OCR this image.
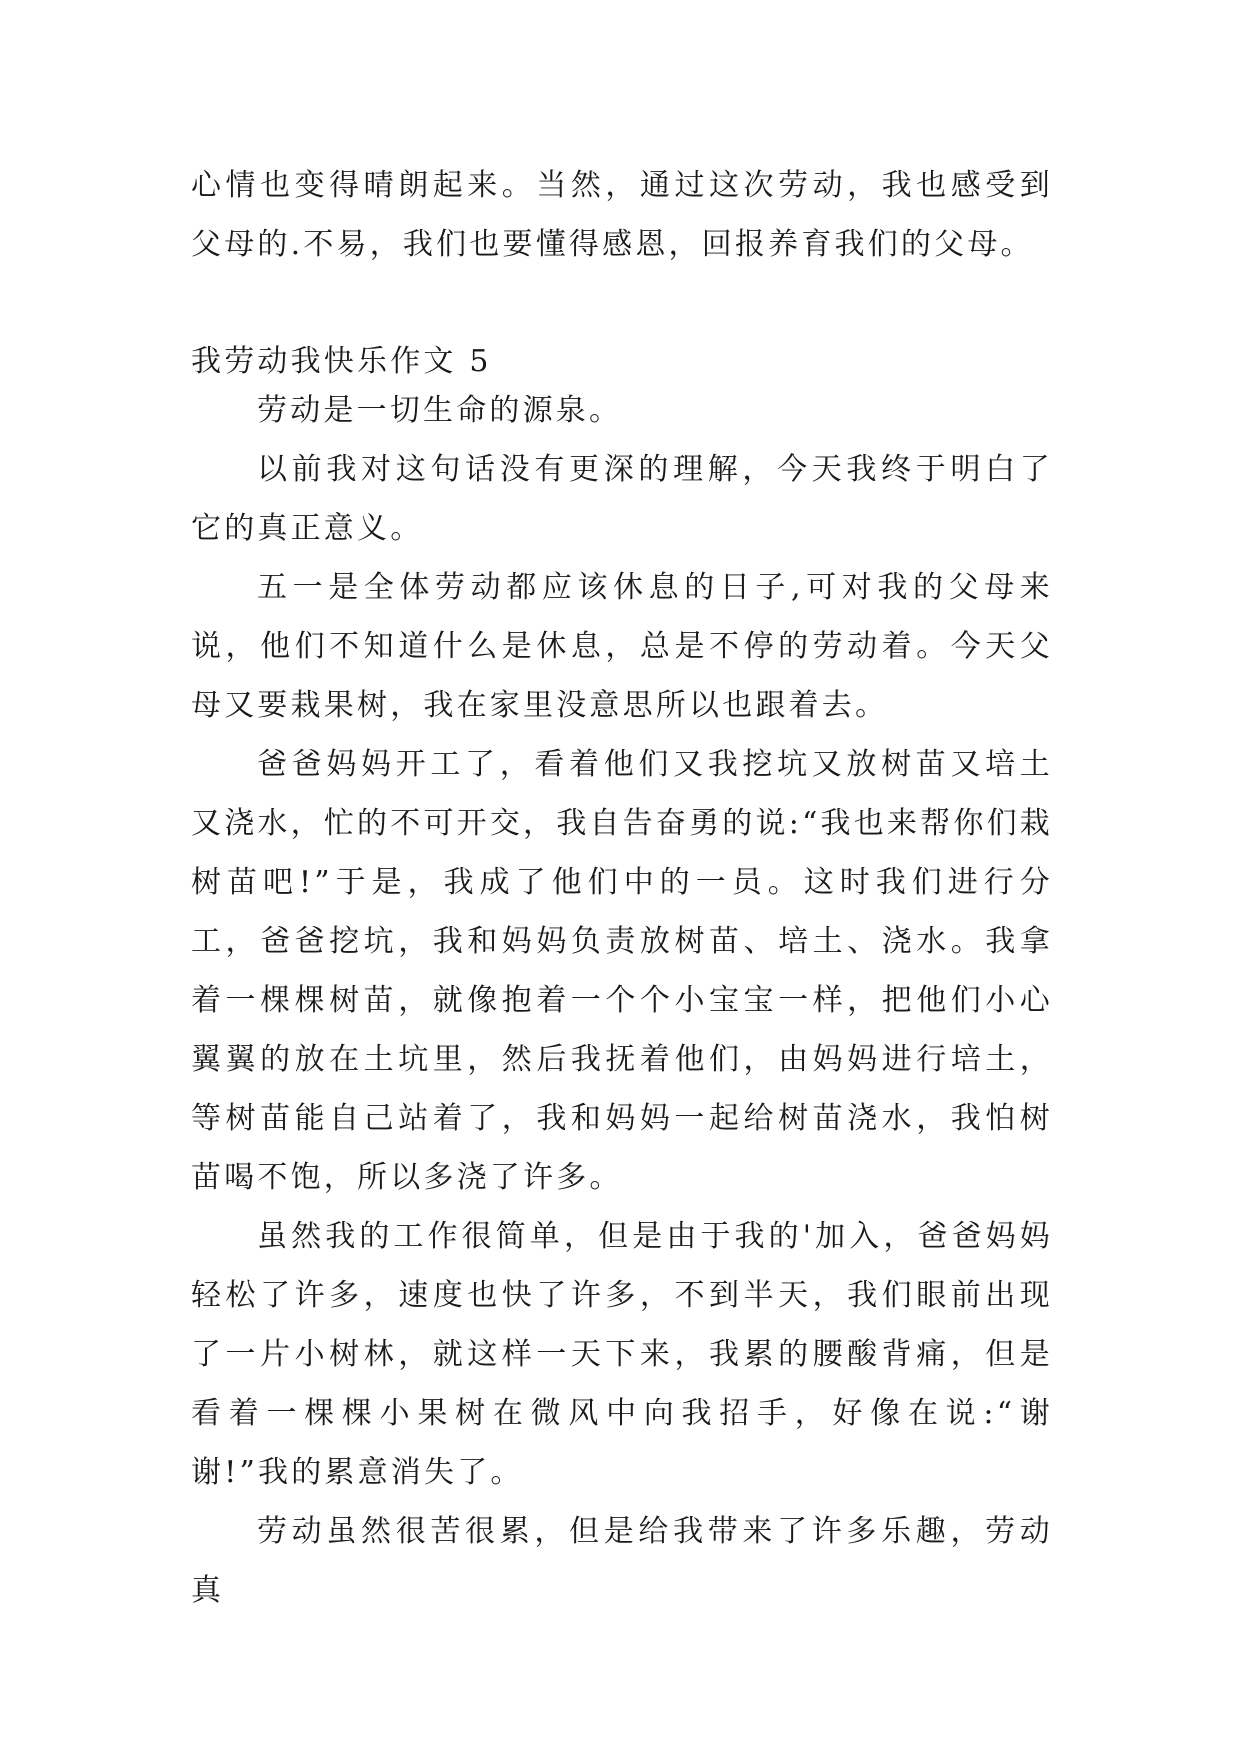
心情也变得晴朗起来。当然，通过这次劳动，我也感受到父母的.不易，我们也要懂得感恩，回报养育我们的父母。

我劳动我快乐作文 5

劳动是一切生命的源泉。

以前我对这句话没有更深的理解，今天我终于明白了它的真正意义。

五一是全体劳动都应该休息的日子,可对我的父母来说，他们不知道什么是休息，总是不停的劳动着。今天父母又要栽果树，我在家里没意思所以也跟着去。

爸爸妈妈开工了，看着他们又我挖坑又放树苗又培土又浇水，忙的不可开交，我自告奋勇的说:“我也来帮你们栽树苗吧!”于是，我成了他们中的一员。这时我们进行分工，爸爸挖坑，我和妈妈负责放树苗、培土、浇水。我拿着一棵棵树苗，就像抱着一个个小宝宝一样，把他们小心翼翼的放在土坑里，然后我抚着他们，由妈妈进行培土，等树苗能自己站着了，我和妈妈一起给树苗浇水，我怕树苗喝不饱，所以多浇了许多。

虽然我的工作很简单，但是由于我的'加入，爸爸妈妈轻松了许多，速度也快了许多，不到半天，我们眼前出现了一片小树林，就这样一天下来，我累的腰酸背痛，但是看着一棵棵小果树在微风中向我招手，好像在说:“谢谢!”我的累意消失了。

劳动虽然很苦很累，但是给我带来了许多乐趣，劳动真
